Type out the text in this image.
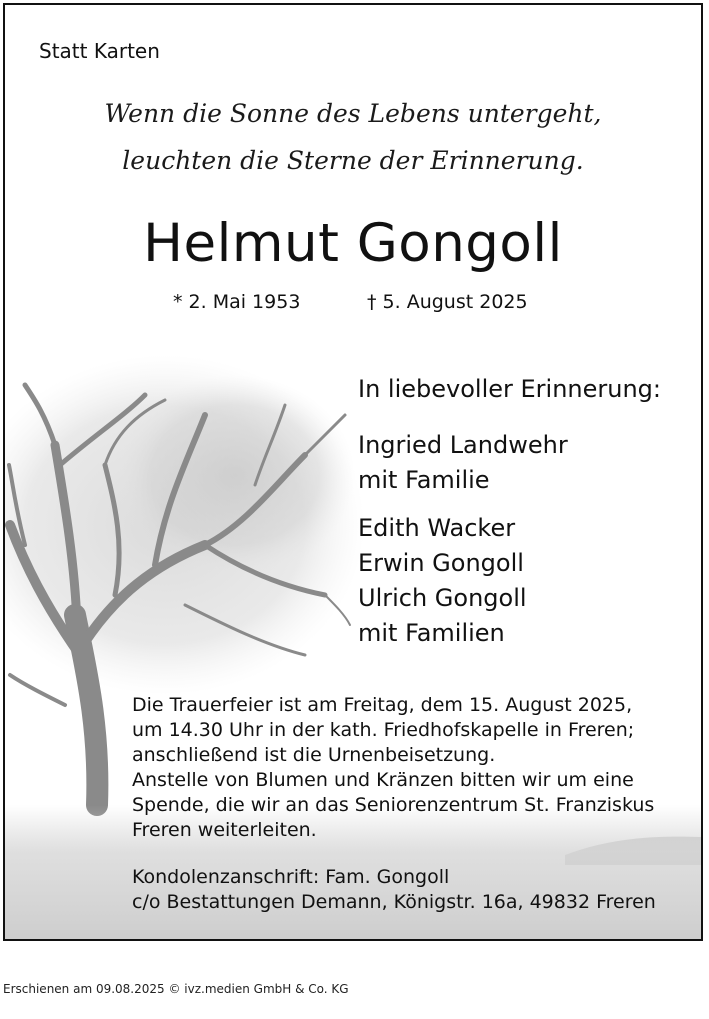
Statt Karten
Wenn die Sonne des Lebens untergeht,
leuchten die Sterne der Erinnerung.
Helmut Gongoll
* 2. Mai 1953	† 5. August 2025
In liebevoller Erinnerung:
Ingried Landwehr
mit Familie
Edith Wacker
Erwin Gongoll
Ulrich Gongoll
mit Familien
Die Trauerfeier ist am Freitag, dem 15. August 2025,
um 14.30 Uhr in der kath. Friedhofskapelle in Freren;
anschließend ist die Urnenbeisetzung.
Anstelle von Blumen und Kränzen bitten wir um eine
Spende, die wir an das Seniorenzentrum St. Franziskus
Freren weiterleiten.
Kondolenzanschrift: Fam. Gongoll
c/o Bestattungen Demann, Königstr. 16a, 49832 Freren
Erschienen am 09.08.2025 © ivz.medien GmbH & Co. KG
